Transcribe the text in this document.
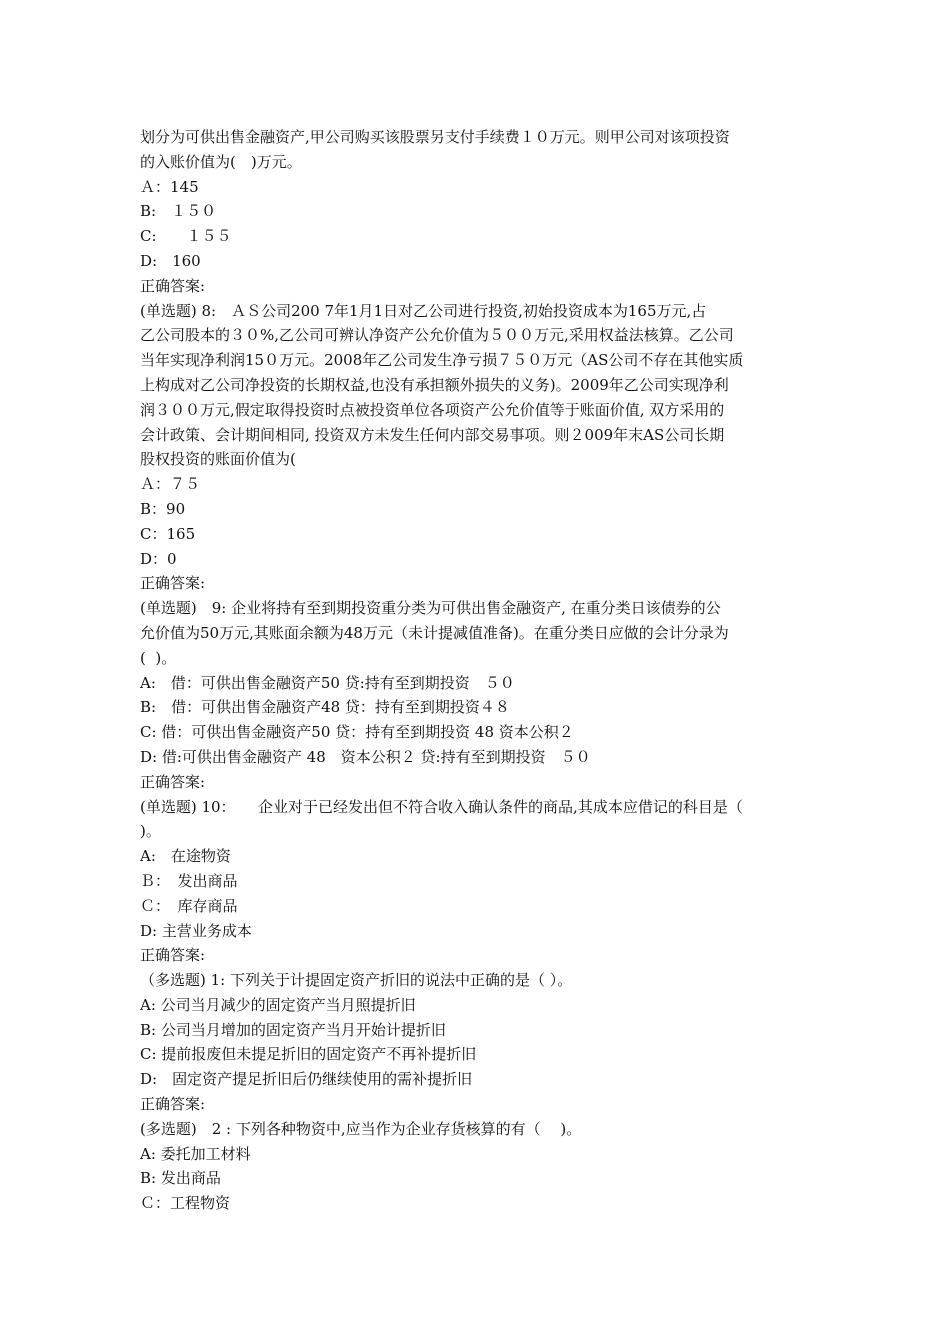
划分为可供出售金融资产,甲公司购买该股票另支付手续费１０万元。则甲公司对该项投资
的入账价值为(　)万元。
Ａ：145
B:　１５０
C:　　１５５
D:　160
正确答案:
(单选题) 8:　ＡＳ公司200 7年1月1日对乙公司进行投资,初始投资成本为165万元,占
乙公司股本的３０%,乙公司可辨认净资产公允价值为５００万元,采用权益法核算。乙公司
当年实现净利润15０万元。2008年乙公司发生净亏损７５０万元（AS公司不存在其他实质
上构成对乙公司净投资的长期权益,也没有承担额外损失的义务)。2009年乙公司实现净利
润３００万元,假定取得投资时点被投资单位各项资产公允价值等于账面价值, 双方采用的
会计政策、会计期间相同, 投资双方未发生任何内部交易事项。则２009年末AS公司长期
股权投资的账面价值为(
Ａ：７５
B：90
C：165
D：0
正确答案:
(单选题)　9: 企业将持有至到期投资重分类为可供出售金融资产, 在重分类日该债券的公
允价值为50万元,其账面余额为48万元（未计提减值准备)。在重分类日应做的会计分录为
(  )。
A:　借：可供出售金融资产50 贷:持有至到期投资　５０
B:　借：可供出售金融资产48 贷：持有至到期投资４８
C: 借：可供出售金融资产50 贷：持有至到期投资 48 资本公积２
D: 借:可供出售金融资产 48　资本公积２ 贷:持有至到期投资　５０
正确答案:
(单选题) 10：　　企业对于已经发出但不符合收入确认条件的商品,其成本应借记的科目是（
)。
A:　在途物资
Ｂ：　发出商品
Ｃ：　库存商品
D: 主营业务成本
正确答案:
（多选题) 1: 下列关于计提固定资产折旧的说法中正确的是（ ）。
A: 公司当月减少的固定资产当月照提折旧
B: 公司当月增加的固定资产当月开始计提折旧
C: 提前报废但未提足折旧的固定资产不再补提折旧
D:　固定资产提足折旧后仍继续使用的需补提折旧
正确答案:
(多选题)　2 : 下列各种物资中,应当作为企业存货核算的有（　 )。
A: 委托加工材料
B: 发出商品
Ｃ：工程物资
